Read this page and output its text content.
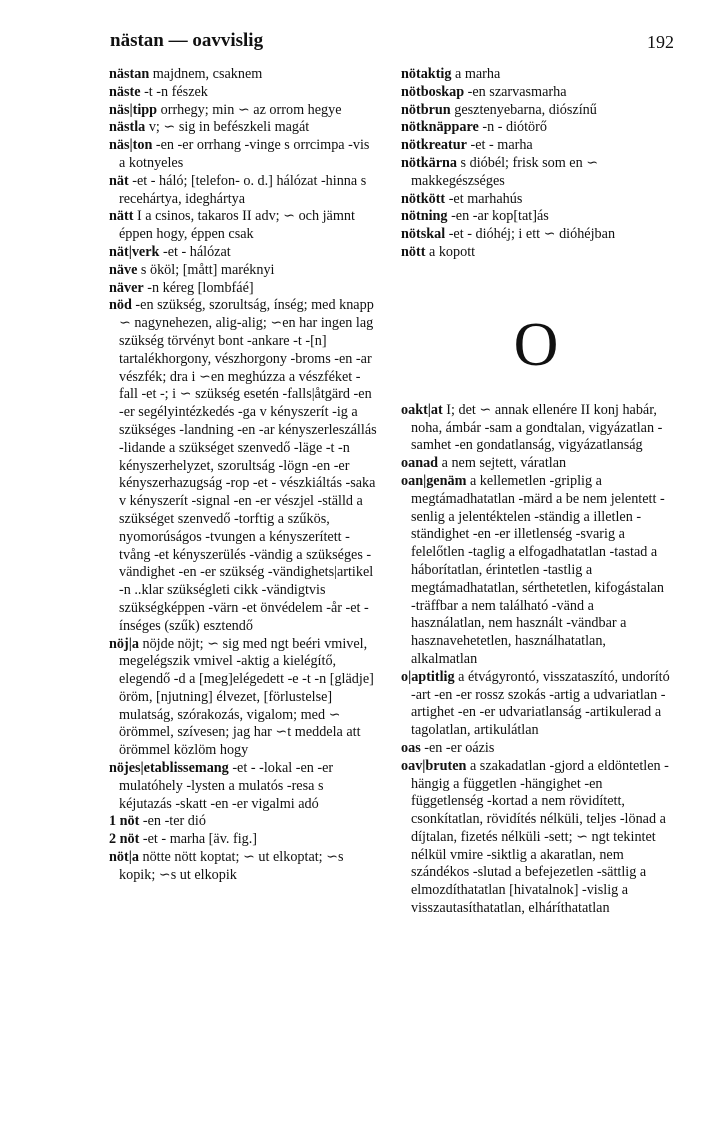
nästan — oavvislig	192

nästan majdnem, csaknem

näste -t -n fészek

näs|tipp orrhegy; min ∽ az orrom hegye

nästla v; ∽ sig in befészkeli magát

näs|ton -en -er orrhang -vinge s orrcimpa -vis a kotnyeles

nät -et - háló; [telefon- o. d.] hálózat -hinna s recehártya, ideghártya

nätt I a csinos, takaros II adv; ∽ och jämnt éppen hogy, éppen csak

nät|verk -et - hálózat

näve s ököl; [mått] maréknyi

näver -n kéreg [lombfáé]

nöd -en szükség, szorultság, ínség; med knapp ∽ nagynehezen, alig-alig; ∽en har ingen lag szükség törvényt bont -ankare -t -[n] tartalékhorgony, vészhorgony -broms -en -ar vészfék; dra i ∽en meghúzza a vészféket -fall -et -; i ∽ szükség esetén -falls|åtgärd -en -er segélyintézkedés -ga v kényszerít -ig a szükséges -landning -en -ar kényszerleszállás -lidande a szükséget szenvedő -läge -t -n kényszerhelyzet, szorultság -lögn -en -er kényszerhazugság -rop -et - vészkiáltás -saka v kényszerít -signal -en -er vészjel -ställd a szükséget szenvedő -torftig a szűkös, nyomorúságos -tvungen a kényszerített -tvång -et kényszerülés -vändig a szükséges -vändighet -en -er szükség -vändighets|artikel -n ..klar szükségleti cikk -vändigtvis szükségképpen -värn -et önvédelem -år -et - ínséges (szűk) esztendő

nöj|a nöjde nöjt; ∽ sig med ngt beéri vmivel, megelégszik vmivel -aktig a kielégítő, elegendő -d a [meg]elégedett -e -t -n [glädje] öröm, [njutning] élvezet, [förlustelse] mulatság, szórakozás, vigalom; med ∽ örömmel, szívesen; jag har ∽t meddela att örömmel közlöm hogy

nöjes|etablissemang -et - -lokal -en -er mulatóhely -lysten a mulatós -resa s kéjutazás -skatt -en -er vigalmi adó

1 nöt -en -ter dió

2 nöt -et - marha [äv. fig.]

nöt|a nötte nött koptat; ∽ ut elkoptat; ∽s kopik; ∽s ut elkopik

nötaktig a marha

nötboskap -en szarvasmarha

nötbrun gesztenyebarna, diószínű

nötknäppare -n - diótörő

nötkreatur -et - marha

nötkärna s dióbél; frisk som en ∽ makkegészséges

nötkött -et marhahús

nötning -en -ar kop[tat]ás

nötskal -et - dióhéj; i ett ∽ dióhéjban

nött a kopott

O

oakt|at I; det ∽ annak ellenére II konj habár, noha, ámbár -sam a gondtalan, vigyázatlan -samhet -en gondatlanság, vigyázatlanság

oanad a nem sejtett, váratlan

oan|genäm a kellemetlen -griplig a megtámadhatatlan -märd a be nem jelentett -senlig a jelentéktelen -ständig a illetlen -ständighet -en -er illetlenség -svarig a felelőtlen -taglig a elfogadhatatlan -tastad a háborítatlan, érintetlen -tastlig a megtámadhatatlan, sérthetetlen, kifogástalan -träffbar a nem található -vänd a használatlan, nem használt -vändbar a hasznavehetetlen, használhatatlan, alkalmatlan

o|aptitlig a étvágyrontó, visszataszító, undorító -art -en -er rossz szokás -artig a udvariatlan -artighet -en -er udvariatlanság -artikulerad a tagolatlan, artikulátlan

oas -en -er oázis

oav|bruten a szakadatlan -gjord a eldöntetlen -hängig a független -hängighet -en függetlenség -kortad a nem rövidített, csonkítatlan, rövidítés nélküli, teljes -lönad a díjtalan, fizetés nélküli -sett; ∽ ngt tekintet nélkül vmire -siktlig a akaratlan, nem szándékos -slutad a befejezetlen -sättlig a elmozdíthatatlan [hivatalnok] -vislig a visszautasíthatatlan, elháríthatatlan
